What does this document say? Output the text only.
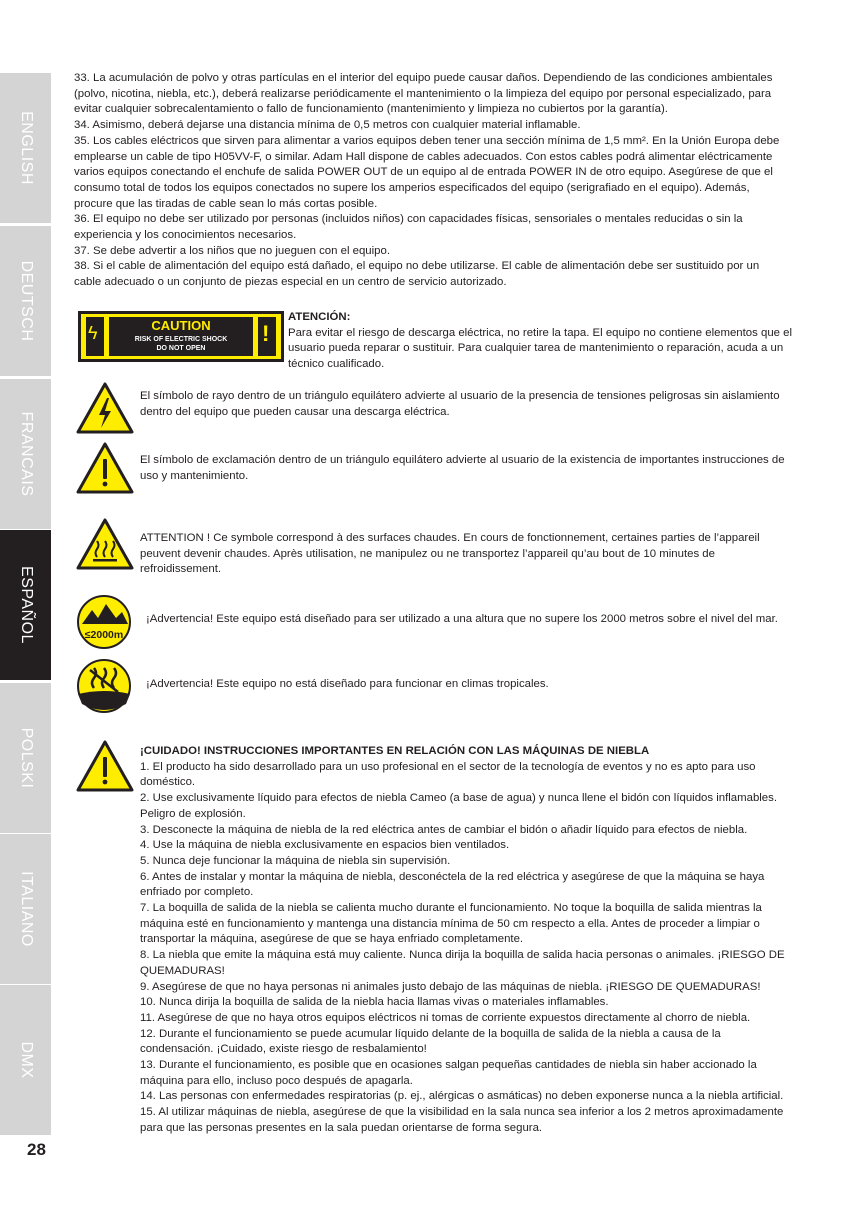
ENGLISH
DEUTSCH
FRANCAIS
ESPAÑOL
POLSKI
ITALIANO
DMX
28

33. La acumulación de polvo y otras partículas en el interior del equipo puede causar daños. Dependiendo de las condiciones ambientales (polvo, nicotina, niebla, etc.), deberá realizarse periódicamente el mantenimiento o la limpieza del equipo por personal especializado, para evitar cualquier sobrecalentamiento o fallo de funcionamiento (mantenimiento y limpieza no cubiertos por la garantía).

34. Asimismo, deberá dejarse una distancia mínima de 0,5 metros con cualquier material inflamable.

35. Los cables eléctricos que sirven para alimentar a varios equipos deben tener una sección mínima de 1,5 mm². En la Unión Europa debe emplearse un cable de tipo H05VV-F, o similar. Adam Hall dispone de cables adecuados. Con estos cables podrá alimentar eléctricamente varios equipos conectando el enchufe de salida POWER OUT de un equipo al de entrada POWER IN de otro equipo. Asegúrese de que el consumo total de todos los equipos conectados no supere los amperios especificados del equipo (serigrafiado en el equipo). Además, procure que las tiradas de cable sean lo más cortas posible.

36. El equipo no debe ser utilizado por personas (incluidos niños) con capacidades físicas, sensoriales o mentales reducidas o sin la experiencia y los conocimientos necesarios.

37. Se debe advertir a los niños que no jueguen con el equipo.

38. Si el cable de alimentación del equipo está dañado, el equipo no debe utilizarse. El cable de alimentación debe ser sustituido por un cable adecuado o un conjunto de piezas especial en un centro de servicio autorizado.

ϟ	!
CAUTION
RISK OF ELECTRIC SHOCK
DO NOT OPEN

ATENCIÓN:

Para evitar el riesgo de descarga eléctrica, no retire la tapa. El equipo no contiene elementos que el usuario pueda reparar o sustituir. Para cualquier tarea de mantenimiento o reparación, acuda a un técnico cualificado.

El símbolo de rayo dentro de un triángulo equilátero advierte al usuario de la presencia de tensiones peligrosas sin aislamiento dentro del equipo que pueden causar una descarga eléctrica.
El símbolo de exclamación dentro de un triángulo equilátero advierte al usuario de la existencia de importantes instrucciones de uso y mantenimiento.
ATTENTION ! Ce symbole correspond à des surfaces chaudes. En cours de fonctionnement, certaines parties de l’appareil peuvent devenir chaudes. Après utilisation, ne manipulez ou ne transportez l’appareil qu’au bout de 10 minutes de refroidissement.
≤2000m
¡Advertencia! Este equipo está diseñado para ser utilizado a una altura que no supere los 2000 metros sobre el nivel del mar.
¡Advertencia! Este equipo no está diseñado para funcionar en climas tropicales.

¡CUIDADO! INSTRUCCIONES IMPORTANTES EN RELACIÓN CON LAS MÁQUINAS DE NIEBLA

1. El producto ha sido desarrollado para un uso profesional en el sector de la tecnología de eventos y no es apto para uso doméstico.

2. Use exclusivamente líquido para efectos de niebla Cameo (a base de agua) y nunca llene el bidón con líquidos inflamables. Peligro de explosión.

3. Desconecte la máquina de niebla de la red eléctrica antes de cambiar el bidón o añadir líquido para efectos de niebla.

4. Use la máquina de niebla exclusivamente en espacios bien ventilados.

5. Nunca deje funcionar la máquina de niebla sin supervisión.

6. Antes de instalar y montar la máquina de niebla, desconéctela de la red eléctrica y asegúrese de que la máquina se haya enfriado por completo.

7. La boquilla de salida de la niebla se calienta mucho durante el funcionamiento. No toque la boquilla de salida mientras la máquina esté en funcionamiento y mantenga una distancia mínima de 50 cm respecto a ella. Antes de proceder a limpiar o transportar la máquina, asegúrese de que se haya enfriado completamente.

8. La niebla que emite la máquina está muy caliente. Nunca dirija la boquilla de salida hacia personas o animales. ¡RIESGO DE QUEMADURAS!

9. Asegúrese de que no haya personas ni animales justo debajo de las máquinas de niebla. ¡RIESGO DE QUEMADURAS!

10. Nunca dirija la boquilla de salida de la niebla hacia llamas vivas o materiales inflamables.

11. Asegúrese de que no haya otros equipos eléctricos ni tomas de corriente expuestos directamente al chorro de niebla.

12. Durante el funcionamiento se puede acumular líquido delante de la boquilla de salida de la niebla a causa de la condensación. ¡Cuidado, existe riesgo de resbalamiento!

13. Durante el funcionamiento, es posible que en ocasiones salgan pequeñas cantidades de niebla sin haber accionado la máquina para ello, incluso poco después de apagarla.

14. Las personas con enfermedades respiratorias (p. ej., alérgicas o asmáticas) no deben exponerse nunca a la niebla artificial.

15. Al utilizar máquinas de niebla, asegúrese de que la visibilidad en la sala nunca sea inferior a los 2 metros aproximadamente para que las personas presentes en la sala puedan orientarse de forma segura.
